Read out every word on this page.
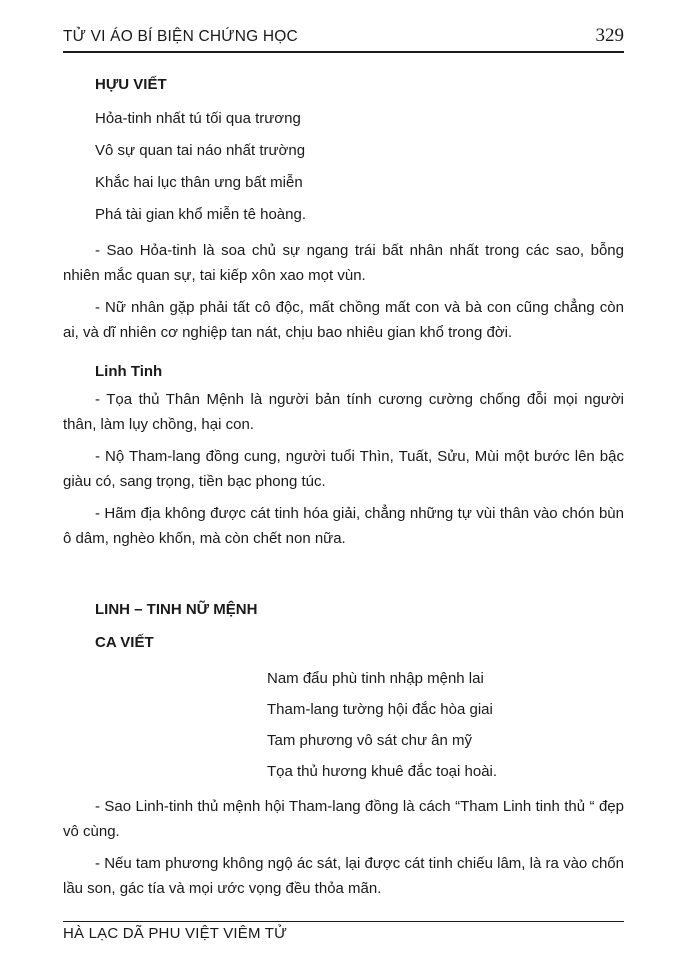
TỬ VI ÁO BÍ BIỆN CHỨNG HỌC	329
HỰU VIẾT
Hỏa-tinh nhất tú tối qua trương
Vô sự quan tai náo nhất trường
Khắc hai lục thân ưng bất miễn
Phá tài gian khổ miễn tê hoàng.

- Sao Hỏa-tinh là soa chủ sự ngang trái bất nhân nhất trong các sao, bỗng nhiên mắc quan sự, tai kiếp xôn xao mọt vùn.

- Nữ nhân gặp phải tất cô độc, mất chồng mất con và bà con cũng chẳng còn ai, và dĩ nhiên cơ nghiệp tan nát, chịu bao nhiêu gian khổ trong đời.

Linh Tinh

- Tọa thủ Thân Mệnh là người bản tính cương cường chống đỗi mọi người thân, làm lụy chồng, hại con.

- Nộ Tham-lang đồng cung, người tuổi Thìn, Tuất, Sửu, Mùi một bước lên bậc giàu có, sang trọng, tiền bạc phong túc.

- Hãm địa không được cát tinh hóa giải, chẳng những tự vùi thân vào chón bùn ô dâm, nghèo khốn, mà còn chết non nữa.

LINH – TINH NỮ MỆNH
CA VIẾT
Nam đẩu phù tinh nhập mệnh lai
Tham-lang tường hội đắc hòa giai
Tam phương vô sát chư ân mỹ
Tọa thủ hương khuê đắc toại hoài.

- Sao Linh-tinh thủ mệnh hội Tham-lang đồng là cách “Tham Linh tinh thủ “ đẹp vô cùng.

- Nếu tam phương không ngộ ác sát, lại được cát tinh chiếu lâm, là ra vào chốn lầu son, gác tía và mọi ước vọng đều thỏa mãn.

HÀ LẠC DÃ PHU VIỆT VIÊM TỬ
